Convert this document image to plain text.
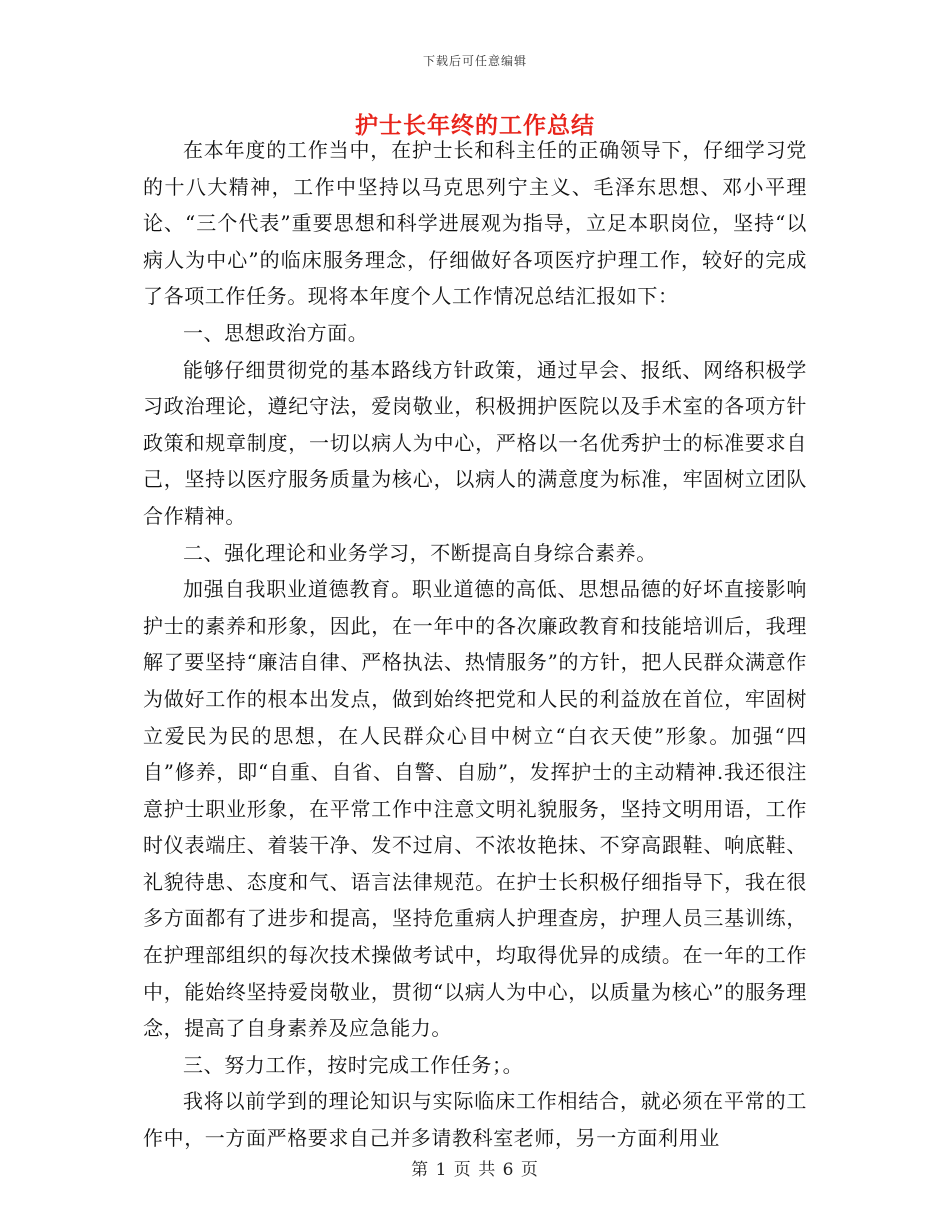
下载后可任意编辑
护士长年终的工作总结

在本年度的工作当中，在护士长和科主任的正确领导下，仔细学习党的十八大精神，工作中坚持以马克思列宁主义、毛泽东思想、邓小平理论、“三个代表”重要思想和科学进展观为指导，立足本职岗位，坚持“以病人为中心”的临床服务理念，仔细做好各项医疗护理工作，较好的完成了各项工作任务。现将本年度个人工作情况总结汇报如下：

一、思想政治方面。

能够仔细贯彻党的基本路线方针政策，通过早会、报纸、网络积极学习政治理论，遵纪守法，爱岗敬业，积极拥护医院以及手术室的各项方针政策和规章制度，一切以病人为中心，严格以一名优秀护士的标准要求自己，坚持以医疗服务质量为核心，以病人的满意度为标准，牢固树立团队合作精神。

二、强化理论和业务学习，不断提高自身综合素养。

加强自我职业道德教育。职业道德的高低、思想品德的好坏直接影响护士的素养和形象，因此，在一年中的各次廉政教育和技能培训后，我理解了要坚持“廉洁自律、严格执法、热情服务”的方针，把人民群众满意作为做好工作的根本出发点，做到始终把党和人民的利益放在首位，牢固树立爱民为民的思想，在人民群众心目中树立“白衣天使”形象。加强“四自”修养，即“自重、自省、自警、自励”，发挥护士的主动精神.我还很注意护士职业形象，在平常工作中注意文明礼貌服务，坚持文明用语，工作时仪表端庄、着装干净、发不过肩、不浓妆艳抹、不穿高跟鞋、响底鞋、礼貌待患、态度和气、语言法律规范。在护士长积极仔细指导下，我在很多方面都有了进步和提高，坚持危重病人护理查房，护理人员三基训练，在护理部组织的每次技术操做考试中，均取得优异的成绩。在一年的工作中，能始终坚持爱岗敬业，贯彻“以病人为中心，以质量为核心”的服务理念，提高了自身素养及应急能力。

三、努力工作，按时完成工作任务；。

我将以前学到的理论知识与实际临床工作相结合，就必须在平常的工作中，一方面严格要求自己并多请教科室老师，另一方面利用业

第 1 页 共 6 页
